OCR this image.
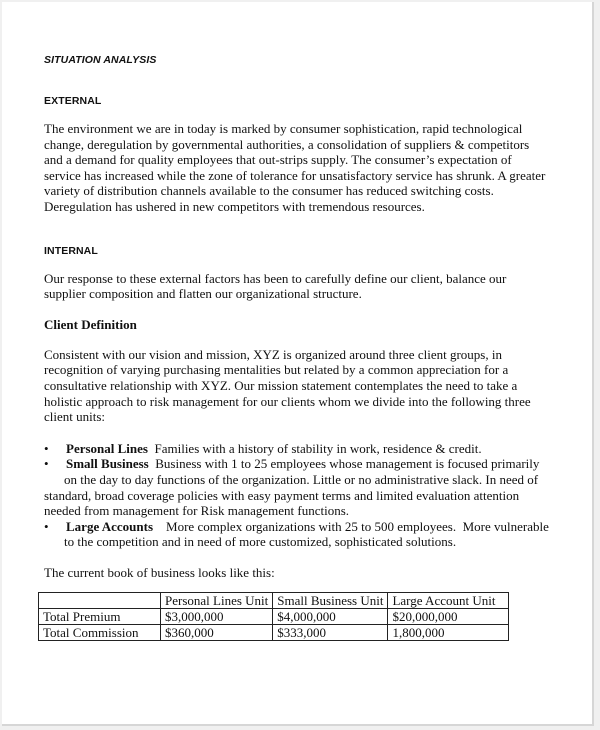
SITUATION ANALYSIS

EXTERNAL

The environment we are in today is marked by consumer sophistication, rapid technological
change, deregulation by governmental authorities, a consolidation of suppliers & competitors
and a demand for quality employees that out-strips supply. The consumer’s expectation of
service has increased while the zone of tolerance for unsatisfactory service has shrunk. A greater
variety of distribution channels available to the consumer has reduced switching costs.
Deregulation has ushered in new competitors with tremendous resources.

INTERNAL

Our response to these external factors has been to carefully define our client, balance our
supplier composition and flatten our organizational structure.

Client Definition

Consistent with our vision and mission, XYZ is organized around three client groups, in
recognition of varying purchasing mentalities but related by a common appreciation for a
consultative relationship with XYZ. Our mission statement contemplates the need to take a
holistic approach to risk management for our clients whom we divide into the following three
client units:

• Personal Lines  Families with a history of stability in work, residence & credit.
• Small Business  Business with 1 to 25 employees whose management is focused primarily
on the day to day functions of the organization. Little or no administrative slack. In need of
standard, broad coverage policies with easy payment terms and limited evaluation attention
needed from management for Risk management functions.
• Large Accounts    More complex organizations with 25 to 500 employees.  More vulnerable
to the competition and in need of more customized, sophisticated solutions.

The current book of business looks like this:

	Personal Lines Unit	Small Business Unit	Large Account Unit
Total Premium	$3,000,000	$4,000,000	$20,000,000
Total Commission	$360,000	$333,000	1,800,000
